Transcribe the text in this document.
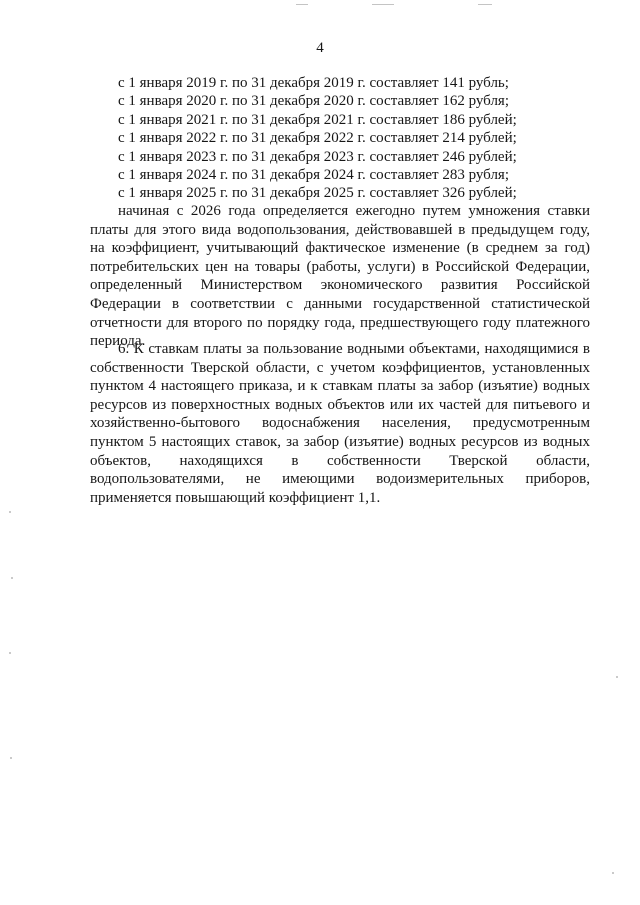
4
с 1 января 2019 г. по 31 декабря 2019 г. составляет 141 рубль;
с 1 января 2020 г. по 31 декабря 2020 г. составляет 162 рубля;
с 1 января 2021 г. по 31 декабря 2021 г. составляет 186 рублей;
с 1 января 2022 г. по 31 декабря 2022 г. составляет 214 рублей;
с 1 января 2023 г. по 31 декабря 2023 г. составляет 246 рублей;
с 1 января 2024 г. по 31 декабря 2024 г. составляет 283 рубля;
с 1 января 2025 г. по 31 декабря 2025 г. составляет 326 рублей;

начиная с 2026 года определяется ежегодно путем умножения ставки платы для этого вида водопользования, действовавшей в предыдущем году, на коэффициент, учитывающий фактическое изменение (в среднем за год) потребительских цен на товары (работы, услуги) в Российской Федерации, определенный Министерством экономического развития Российской Федерации в соответствии с данными государственной статистической отчетности для второго по порядку года, предшествующего году платежного периода.

6. К ставкам платы за пользование водными объектами, находящимися в собственности Тверской области, с учетом коэффициентов, установленных пунктом 4 настоящего приказа, и к ставкам платы за забор (изъятие) водных ресурсов из поверхностных водных объектов или их частей для питьевого и хозяйственно-бытового водоснабжения населения, предусмотренным пунктом 5 настоящих ставок, за забор (изъятие) водных ресурсов из водных объектов, находящихся в собственности Тверской области, водопользователями, не имеющими водоизмерительных приборов, применяется повышающий коэффициент 1,1.
